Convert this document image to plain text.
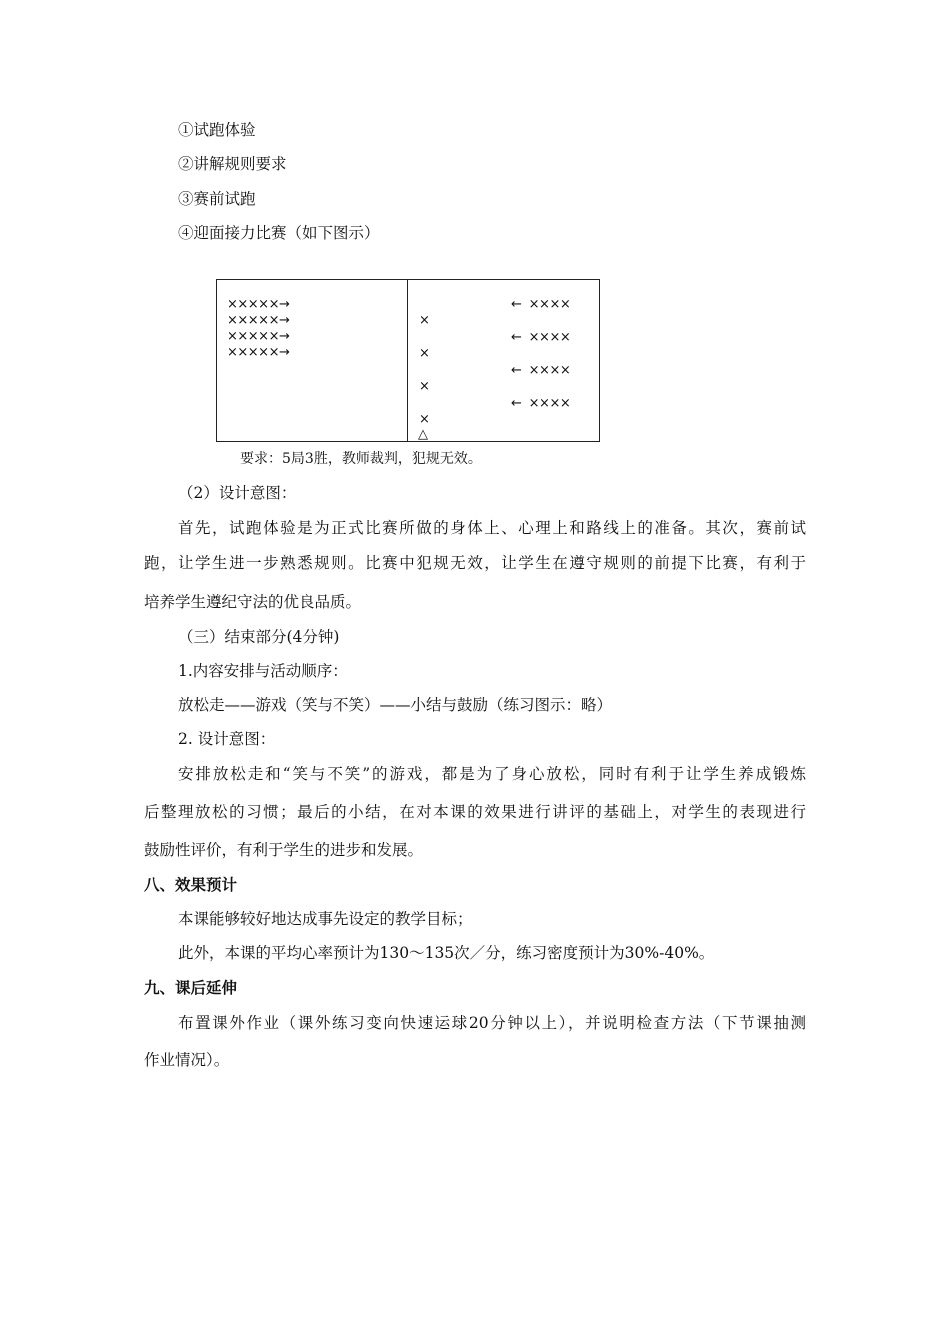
①试跑体验
②讲解规则要求
③赛前试跑
④迎面接力比赛（如下图示）
×××××→
×××××→
×××××→
×××××→
×
×
×
×
△
←  ××××
←  ××××
←  ××××
←  ××××
要求：5局3胜，教师裁判，犯规无效。
（2）设计意图：
首先，试跑体验是为正式比赛所做的身体上、心理上和路线上的准备。其次，赛前试
跑，让学生进一步熟悉规则。比赛中犯规无效，让学生在遵守规则的前提下比赛，有利于
培养学生遵纪守法的优良品质。
（三）结束部分(4分钟)
1.内容安排与活动顺序：
放松走——游戏（笑与不笑）——小结与鼓励（练习图示：略）
2. 设计意图：
安排放松走和“笑与不笑”的游戏，都是为了身心放松，同时有利于让学生养成锻炼
后整理放松的习惯；最后的小结，在对本课的效果进行讲评的基础上，对学生的表现进行
鼓励性评价，有利于学生的进步和发展。
八、效果预计
本课能够较好地达成事先设定的教学目标；
此外，本课的平均心率预计为130～135次／分，练习密度预计为30%-40%。
九、课后延伸
布置课外作业（课外练习变向快速运球20分钟以上），并说明检查方法（下节课抽测
作业情况）。
